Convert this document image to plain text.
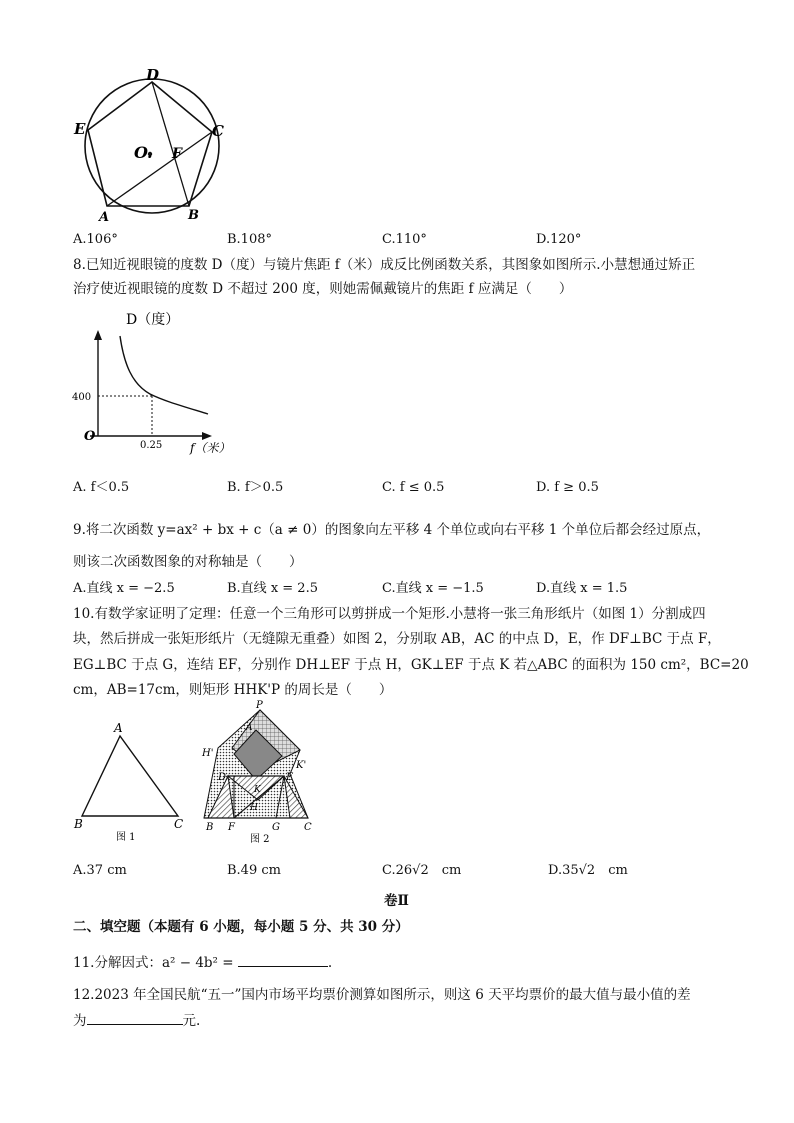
D
E	C
O. F
A	B
A.106°	B.108°	C.110°	D.120°
8.已知近视眼镜的度数 D（度）与镜片焦距 f（米）成反比例函数关系，其图象如图所示.小慧想通过矫正
治疗使近视眼镜的度数 D 不超过 200 度，则她需佩戴镜片的焦距 f 应满足（　　）
D（度）
400
0.25
O
f（米）
A. f＜0.5	B. f＞0.5	C. f ≤ 0.5	D. f ≥ 0.5
9.将二次函数 y=ax² + bx + c（a ≠ 0）的图象向左平移 4 个单位或向右平移 1 个单位后都会经过原点，
则该二次函数图象的对称轴是（　　）
A.直线 x = −2.5	B.直线 x = 2.5	C.直线 x = −1.5	D.直线 x = 1.5
10.有数学家证明了定理：任意一个三角形可以剪拼成一个矩形.小慧将一张三角形纸片（如图 1）分割成四
块，然后拼成一张矩形纸片（无缝隙无重叠）如图 2，分别取 AB，AC 的中点 D，E，作 DF⊥BC 于点 F，
EG⊥BC 于点 G，连结 EF，分别作 DH⊥EF 于点 H，GK⊥EF 于点 K 若△ABC 的面积为 150 cm²，BC=20
cm，AB=17cm，则矩形 HHK'P 的周长是（　　）
A
B	C
图 1
P
A
H'
K'
D	E
K
H
B F	G C
图 2
A.37 cm	B.49 cm	C.26√2　cm	D.35√2　cm
卷Ⅱ
二、填空题（本题有 6 小题，每小题 5 分、共 30 分）
11.分解因式：a² − 4b² =	.
12.2023 年全国民航“五一”国内市场平均票价测算如图所示，则这 6 天平均票价的最大值与最小值的差
为	元.
